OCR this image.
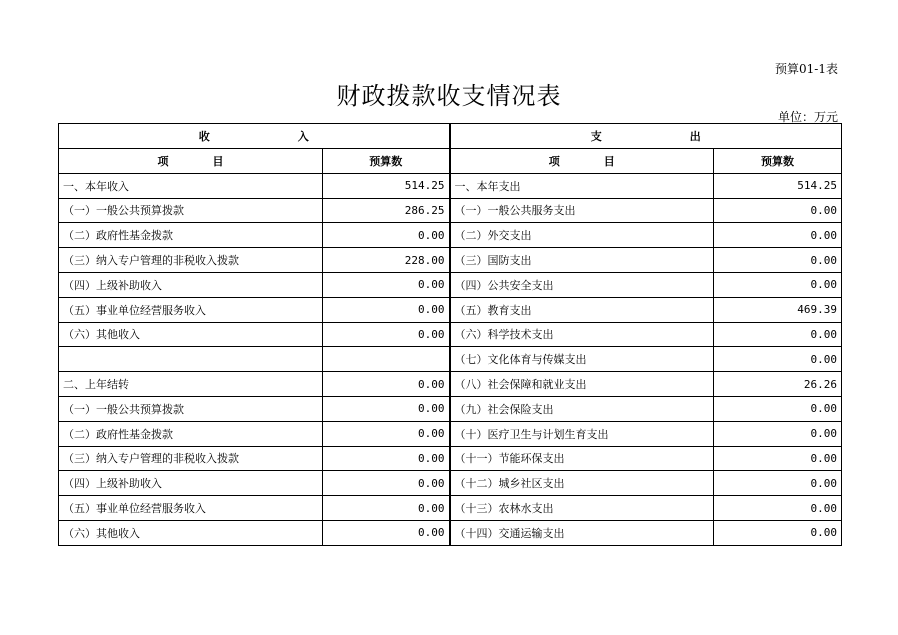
预算01-1表
财政拨款收支情况表
单位：万元
收　　　　　　　　入		支　　　　　　　　出	
项　　　　目	预算数	项　　　　目	预算数
一、本年收入	514.25	一、本年支出	514.25
（一）一般公共预算拨款	286.25	（一）一般公共服务支出	0.00
（二）政府性基金拨款	0.00	（二）外交支出	0.00
（三）纳入专户管理的非税收入拨款	228.00	（三）国防支出	0.00
（四）上级补助收入	0.00	（四）公共安全支出	0.00
（五）事业单位经营服务收入	0.00	（五）教育支出	469.39
（六）其他收入	0.00	（六）科学技术支出	0.00
		（七）文化体育与传媒支出	0.00
二、上年结转	0.00	（八）社会保障和就业支出	26.26
（一）一般公共预算拨款	0.00	（九）社会保险支出	0.00
（二）政府性基金拨款	0.00	（十）医疗卫生与计划生育支出	0.00
（三）纳入专户管理的非税收入拨款	0.00	（十一）节能环保支出	0.00
（四）上级补助收入	0.00	（十二）城乡社区支出	0.00
（五）事业单位经营服务收入	0.00	（十三）农林水支出	0.00
（六）其他收入	0.00	（十四）交通运输支出	0.00
